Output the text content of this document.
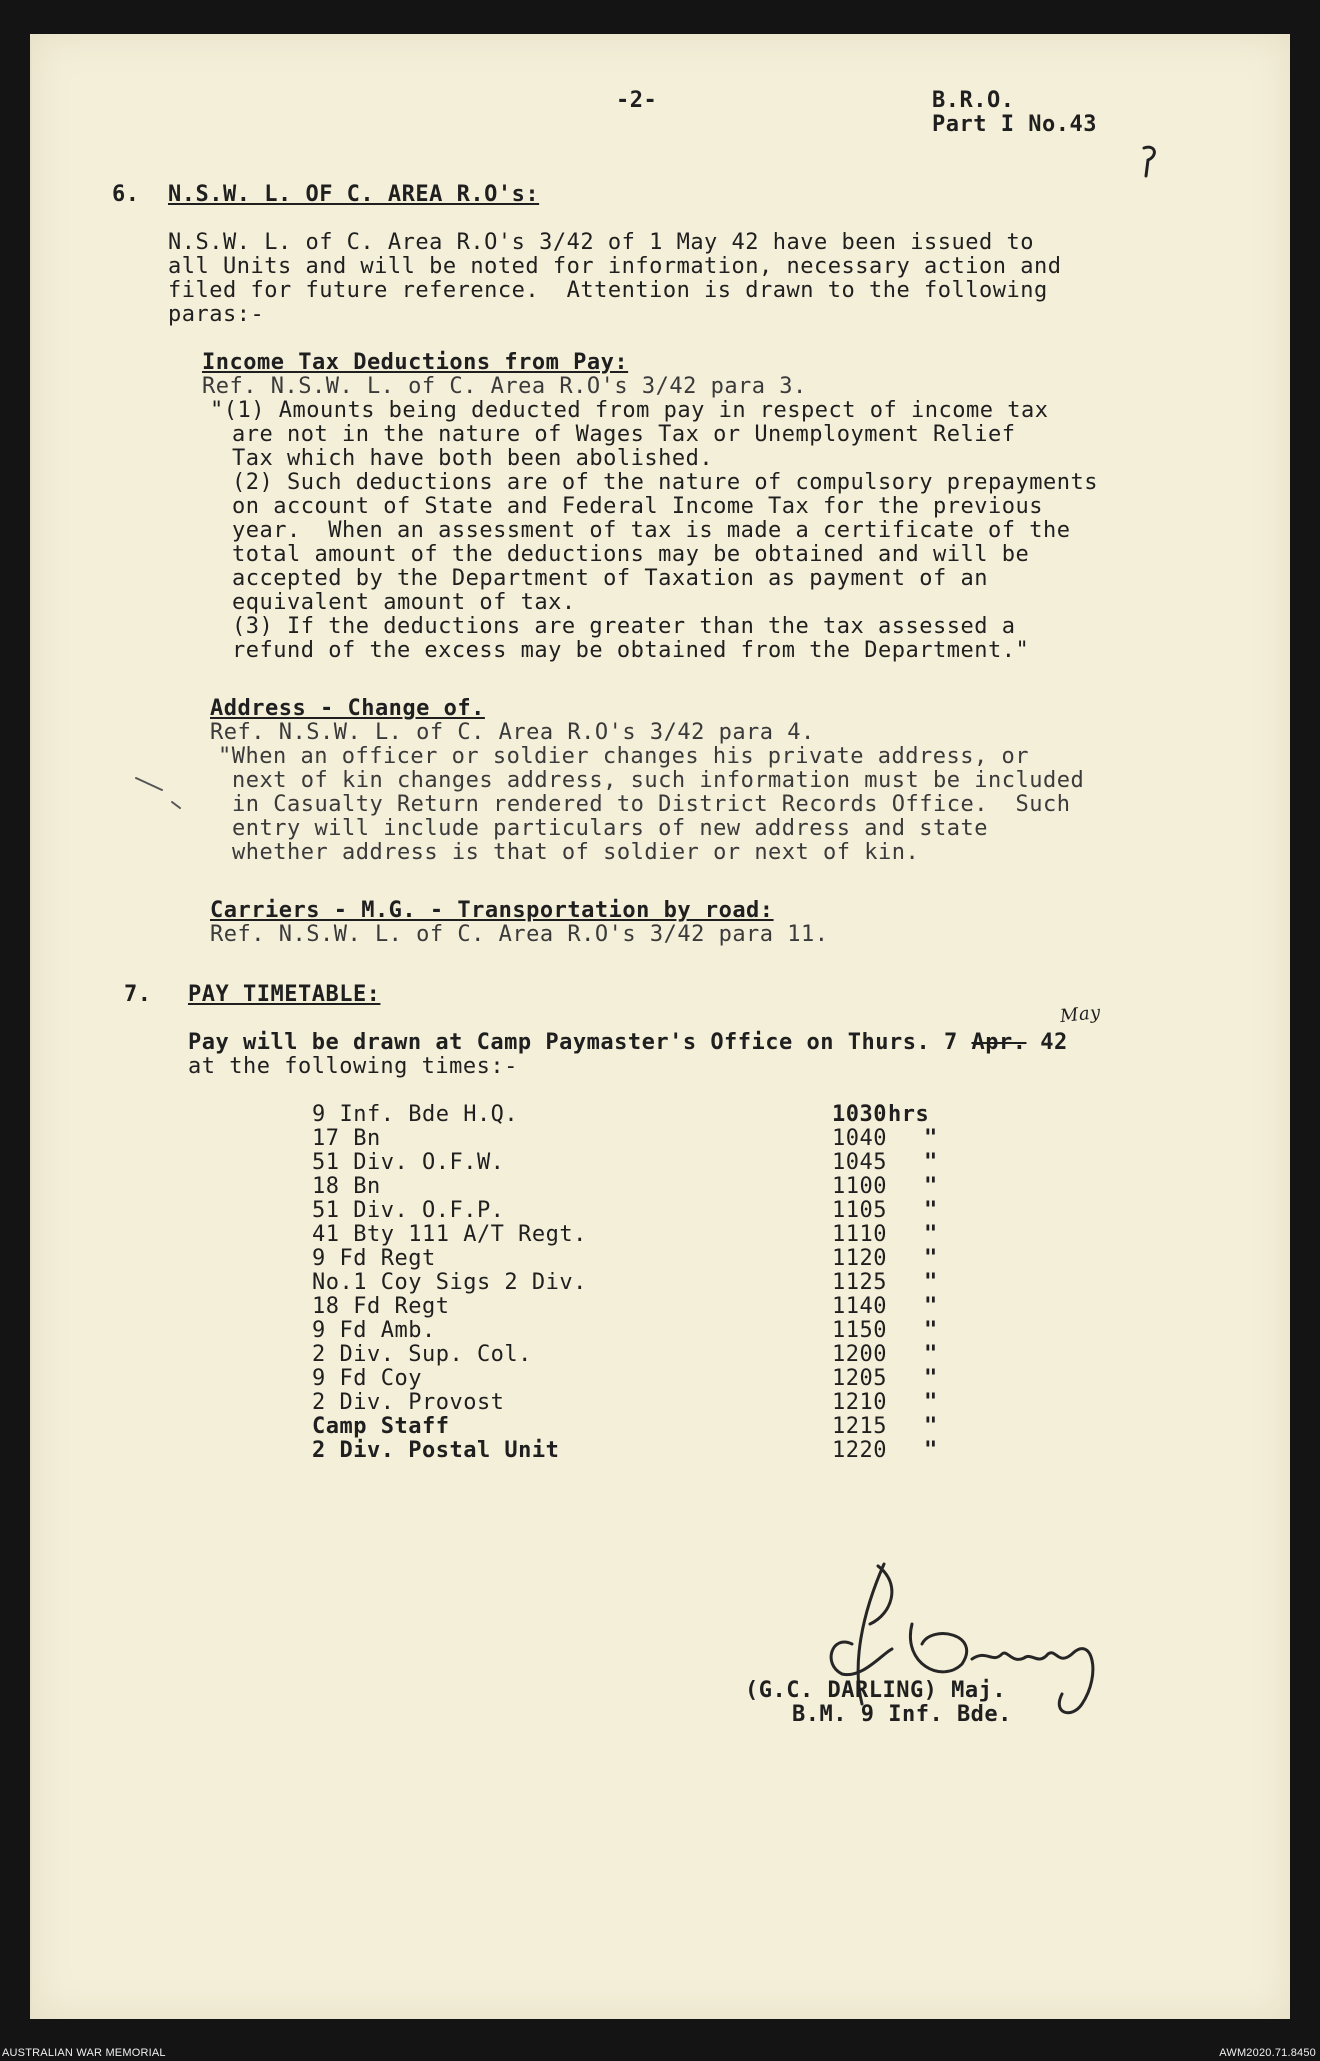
-2-	B.R.O.
Part I No.43
6. N.S.W. L. OF C. AREA R.O's:
N.S.W. L. of C. Area R.O's 3/42 of 1 May 42 have been issued to
all Units and will be noted for information, necessary action and
filed for future reference.  Attention is drawn to the following
paras:-
Income Tax Deductions from Pay:
Ref. N.S.W. L. of C. Area R.O's 3/42 para 3.
"(1) Amounts being deducted from pay in respect of income tax
are not in the nature of Wages Tax or Unemployment Relief
Tax which have both been abolished.
(2) Such deductions are of the nature of compulsory prepayments
on account of State and Federal Income Tax for the previous
year.  When an assessment of tax is made a certificate of the
total amount of the deductions may be obtained and will be
accepted by the Department of Taxation as payment of an
equivalent amount of tax.
(3) If the deductions are greater than the tax assessed a
refund of the excess may be obtained from the Department."
Address - Change of.
Ref. N.S.W. L. of C. Area R.O's 3/42 para 4.
"When an officer or soldier changes his private address, or
next of kin changes address, such information must be included
in Casualty Return rendered to District Records Office.  Such
entry will include particulars of new address and state
whether address is that of soldier or next of kin.
Carriers - M.G. - Transportation by road:
Ref. N.S.W. L. of C. Area R.O's 3/42 para 11.
7. PAY TIMETABLE:
Pay will be drawn at Camp Paymaster's Office on Thurs. 7 Apr. 42
May
at the following times:-
hrs
9 Inf. Bde H.Q.	1030
17 Bn	1040 "
51 Div. O.F.W.	1045 "
18 Bn	1100 "
51 Div. O.F.P.	1105 "
41 Bty 111 A/T Regt.	1110 "
9 Fd Regt	1120 "
No.1 Coy Sigs 2 Div.	1125 "
18 Fd Regt	1140 "
9 Fd Amb.	1150 "
2 Div. Sup. Col.	1200 "
9 Fd Coy	1205 "
2 Div. Provost	1210 "
Camp Staff	1215 "
2 Div. Postal Unit	1220 "
(G.C. DARLING) Maj.
B.M. 9 Inf. Bde.
AUSTRALIAN WAR MEMORIAL	AWM2020.71.8450
